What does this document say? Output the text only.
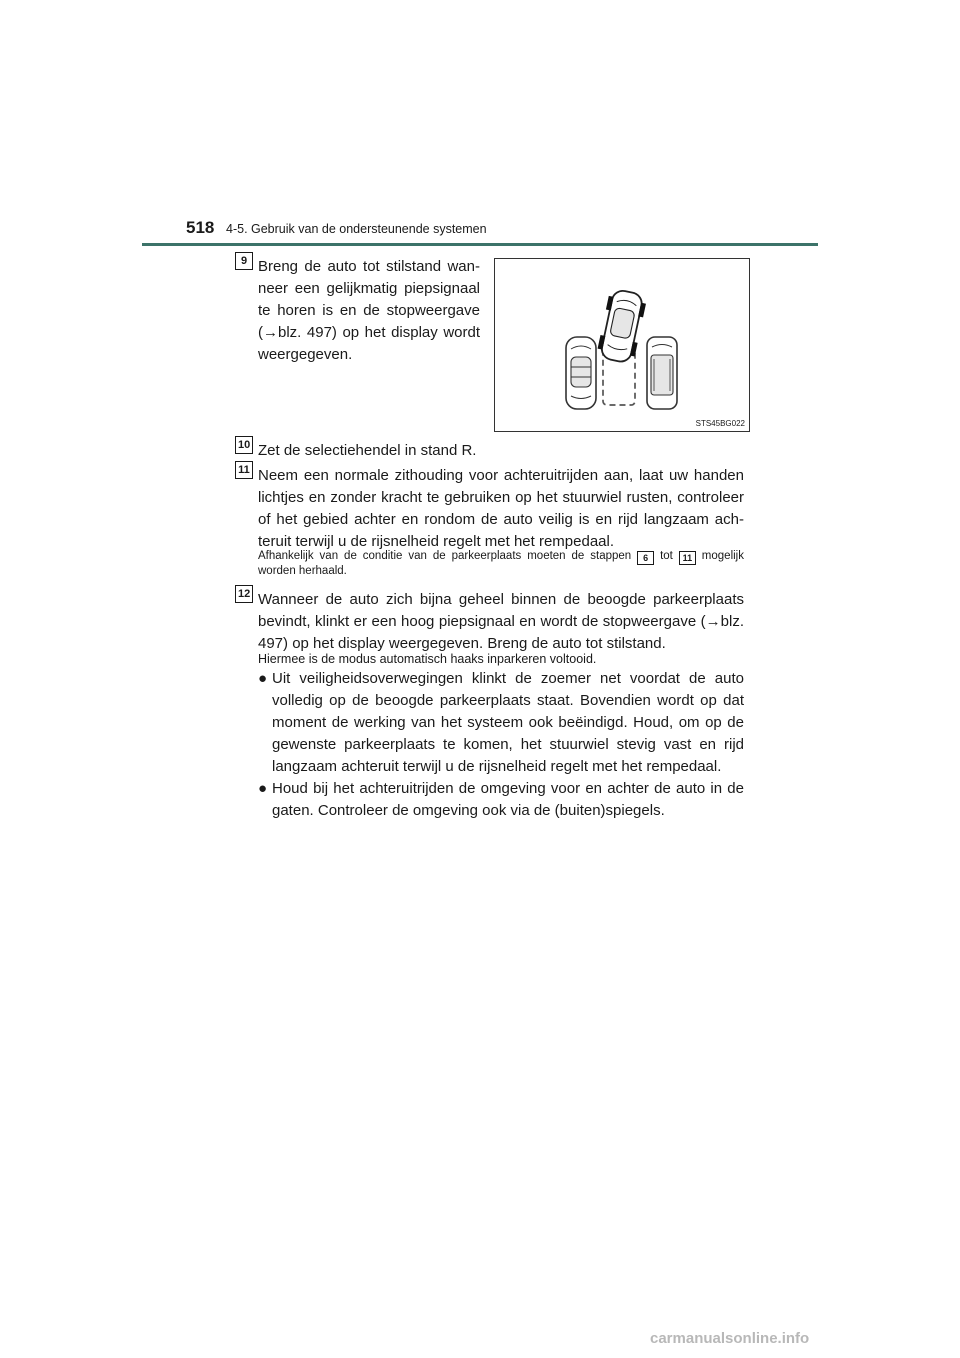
518 4-5. Gebruik van de ondersteunende systemen
9 Breng de auto tot stilstand wan-neer een gelijkmatig piepsignaal te horen is en de stopweergave (→blz. 497) op het display wordt weergegeven.
STS45BG022
10 Zet de selectiehendel in stand R.
11 Neem een normale zithouding voor achteruitrijden aan, laat uw handen lichtjes en zonder kracht te gebruiken op het stuurwiel rusten, controleer of het gebied achter en rondom de auto veilig is en rijd langzaam ach-teruit terwijl u de rijsnelheid regelt met het rempedaal.
Afhankelijk van de conditie van de parkeerplaats moeten de stappen 6 tot 11 mogelijk worden herhaald.
12 Wanneer de auto zich bijna geheel binnen de beoogde parkeerplaats bevindt, klinkt er een hoog piepsignaal en wordt de stopweergave (→blz. 497) op het display weergegeven. Breng de auto tot stilstand.
Hiermee is de modus automatisch haaks inparkeren voltooid.
● Uit veiligheidsoverwegingen klinkt de zoemer net voordat de auto volledig op de beoogde parkeerplaats staat. Bovendien wordt op dat moment de werking van het systeem ook beëindigd. Houd, om op de gewenste parkeerplaats te komen, het stuurwiel stevig vast en rijd langzaam achteruit terwijl u de rijsnelheid regelt met het rempedaal.
● Houd bij het achteruitrijden de omgeving voor en achter de auto in de gaten. Controleer de omgeving ook via de (buiten)spiegels.
carmanualsonline.info
